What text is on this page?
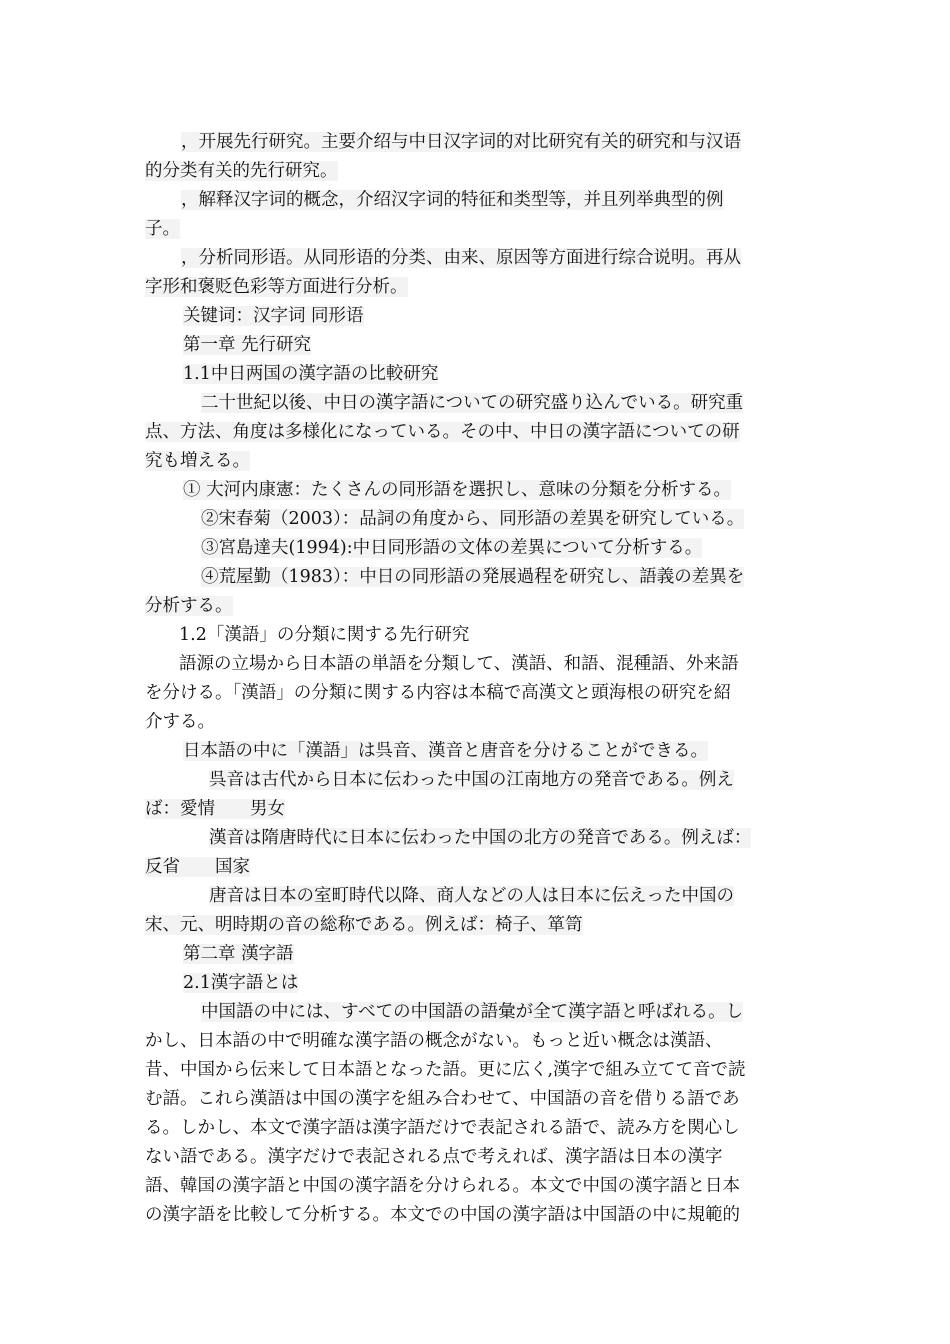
，开展先行研究。主要介绍与中日汉字词的对比研究有关的研究和与汉语
的分类有关的先行研究。
，解释汉字词的概念，介绍汉字词的特征和类型等，并且列举典型的例
子。
，分析同形语。从同形语的分类、由来、原因等方面进行综合说明。再从
字形和褒贬色彩等方面进行分析。
关键词：汉字词 同形语
第一章 先行研究
1.1中日两国の漢字語の比較研究
二十世紀以後、中日の漢字語についての研究盛り込んでいる。研究重
点、方法、角度は多様化になっている。その中、中日の漢字語についての研
究も増える。
① 大河内康憲：たくさんの同形語を選択し、意味の分類を分析する。
②宋春菊（2003）：品詞の角度から、同形語の差異を研究している。
③宮島達夫(1994):中日同形語の文体の差異について分析する。
④荒屋勤（1983）：中日の同形語の発展過程を研究し、語義の差異を
分析する。
1.2「漢語」の分類に関する先行研究
語源の立場から日本語の単語を分類して、漢語、和語、混種語、外来語
を分ける。「漢語」の分類に関する内容は本稿で高漢文と頭海根の研究を紹
介する。
日本語の中に「漢語」は呉音、漢音と唐音を分けることができる。
呉音は古代から日本に伝わった中国の江南地方の発音である。例え
ば：愛情　　男女
漢音は隋唐時代に日本に伝わった中国の北方の発音である。例えば：
反省　　国家
唐音は日本の室町時代以降、商人などの人は日本に伝えった中国の
宋、元、明時期の音の総称である。例えば：椅子、箪笥
第二章 漢字語
2.1漢字語とは
中国語の中には、すべての中国語の語彙が全て漢字語と呼ばれる。し
かし、日本語の中で明確な漢字語の概念がない。もっと近い概念は漢語、
昔、中国から伝来して日本語となった語。更に広く,漢字で組み立てて音で読
む語。これら漢語は中国の漢字を組み合わせて、中国語の音を借りる語であ
る。しかし、本文で漢字語は漢字語だけで表記される語で、読み方を関心し
ない語である。漢字だけで表記される点で考えれば、漢字語は日本の漢字
語、韓国の漢字語と中国の漢字語を分けられる。本文で中国の漢字語と日本
の漢字語を比較して分析する。本文での中国の漢字語は中国語の中に規範的
